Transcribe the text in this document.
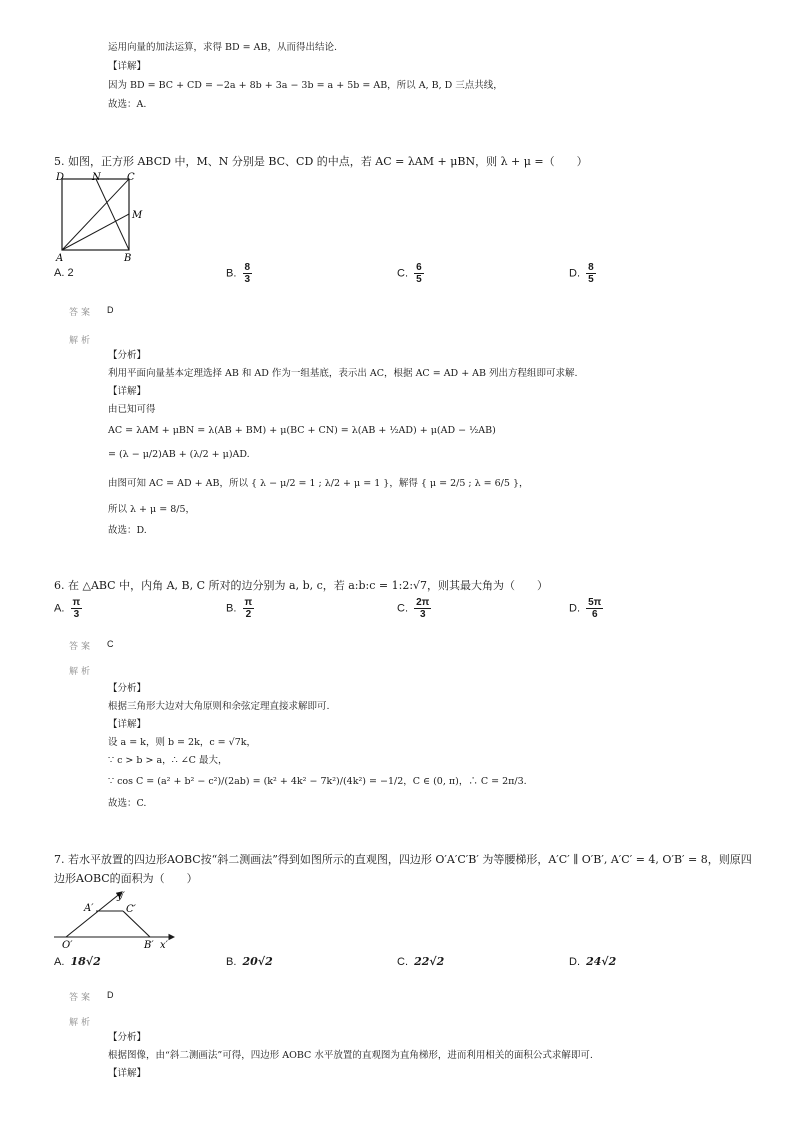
运用向量的加法运算，求得 BD = AB，从而得出结论.
【详解】
因为 BD = BC + CD = −2a + 8b + 3a − 3b = a + 5b = AB，所以 A, B, D 三点共线，
故选：A.
5. 如图，正方形 ABCD 中，M、N 分别是 BC、CD 的中点，若 AC = λAM + μBN，则 λ + μ =（　　）
D	N	C
M
A	B
A. 2	B. $\frac{8}{3}$	C. $\frac{6}{5}$	D. $\frac{8}{5}$
答案 D
解析
【分析】
利用平面向量基本定理选择 AB 和 AD 作为一组基底，表示出 AC，根据 AC = AD + AB 列出方程组即可求解.
【详解】
由已知可得
AC = λAM + μBN = λ(AB + BM) + μ(BC + CN) = λ(AB + ½AD) + μ(AD − ½AB)
= (λ − μ/2)AB + (λ/2 + μ)AD.
由图可知 AC = AD + AB，所以 { λ − μ/2 = 1 ; λ/2 + μ = 1 }，解得 { μ = 2/5 ; λ = 6/5 }，
所以 λ + μ = 8/5，
故选：D.
6. 在 △ABC 中，内角 A, B, C 所对的边分别为 a, b, c，若 a:b:c = 1:2:√7，则其最大角为（　　）
A. $\frac{\pi}{3}$	B. $\frac{\pi}{2}$	C. $\frac{2\pi}{3}$	D. $\frac{5\pi}{6}$
答案 C
解析
【分析】
根据三角形大边对大角原则和余弦定理直接求解即可.
【详解】
设 a = k，则 b = 2k，c = √7k，
∵ c > b > a，∴ ∠C 最大，
∵ cos C = (a² + b² − c²)/(2ab) = (k² + 4k² − 7k²)/(4k²) = −1/2，C ∈ (0, π)，∴ C = 2π/3.
故选：C.
7. 若水平放置的四边形AOBC按“斜二测画法”得到如图所示的直观图，四边形 O′A′C′B′ 为等腰梯形，A′C′ ∥ O′B′, A′C′ = 4, O′B′ = 8，则原四
边形AOBC的面积为（　　）
y′
A′	C′
O′	B′ x′
A. 18√2	B. 20√2	C. 22√2	D. 24√2
答案 D
解析
【分析】
根据图像，由“斜二测画法”可得，四边形 AOBC 水平放置的直观图为直角梯形，进而利用相关的面积公式求解即可.
【详解】
